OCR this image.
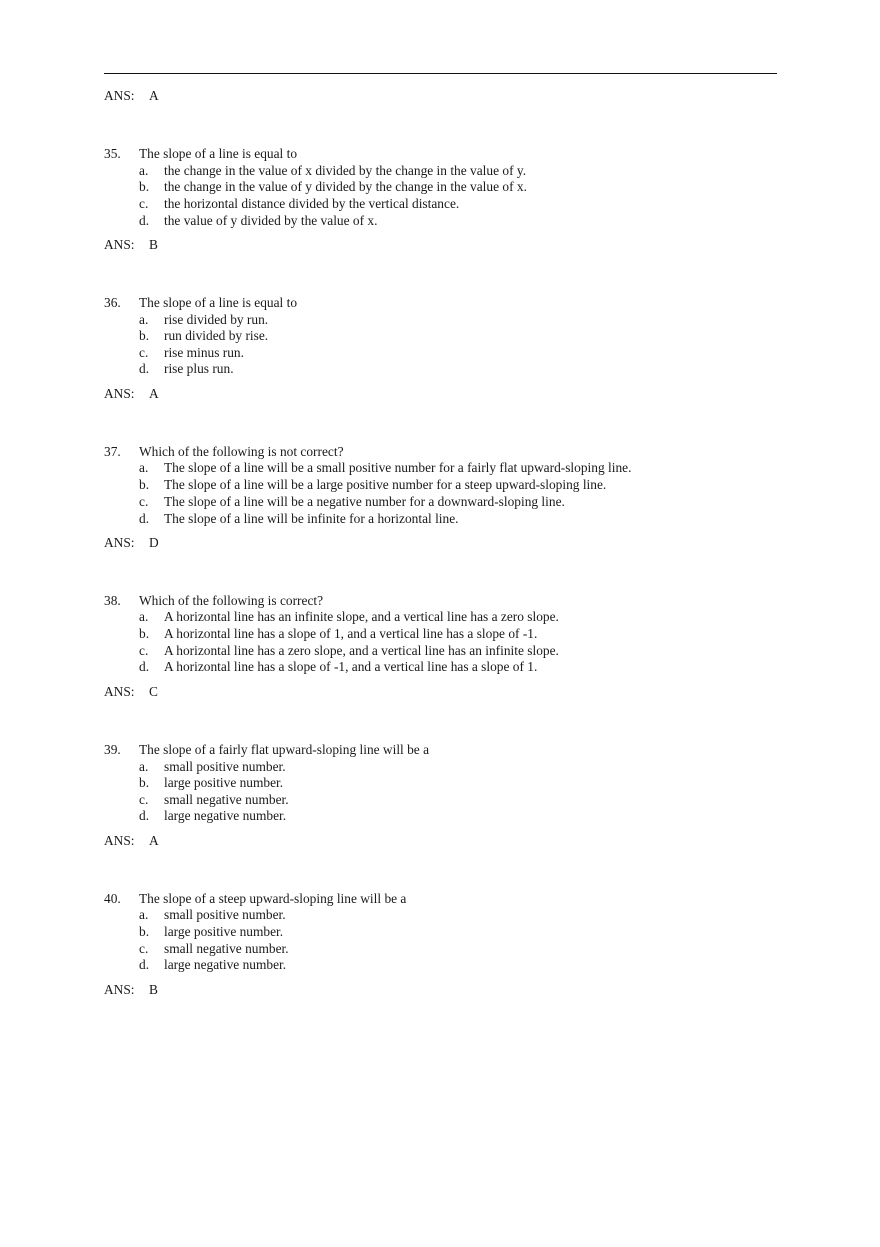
ANS: A
35. The slope of a line is equal to
a. the change in the value of x divided by the change in the value of y.
b. the change in the value of y divided by the change in the value of x.
c. the horizontal distance divided by the vertical distance.
d. the value of y divided by the value of x.
ANS: B
36. The slope of a line is equal to
a. rise divided by run.
b. run divided by rise.
c. rise minus run.
d. rise plus run.
ANS: A
37. Which of the following is not correct?
a. The slope of a line will be a small positive number for a fairly flat upward-sloping line.
b. The slope of a line will be a large positive number for a steep upward-sloping line.
c. The slope of a line will be a negative number for a downward-sloping line.
d. The slope of a line will be infinite for a horizontal line.
ANS: D
38. Which of the following is correct?
a. A horizontal line has an infinite slope, and a vertical line has a zero slope.
b. A horizontal line has a slope of 1, and a vertical line has a slope of -1.
c. A horizontal line has a zero slope, and a vertical line has an infinite slope.
d. A horizontal line has a slope of -1, and a vertical line has a slope of 1.
ANS: C
39. The slope of a fairly flat upward-sloping line will be a
a. small positive number.
b. large positive number.
c. small negative number.
d. large negative number.
ANS: A
40. The slope of a steep upward-sloping line will be a
a. small positive number.
b. large positive number.
c. small negative number.
d. large negative number.
ANS: B
